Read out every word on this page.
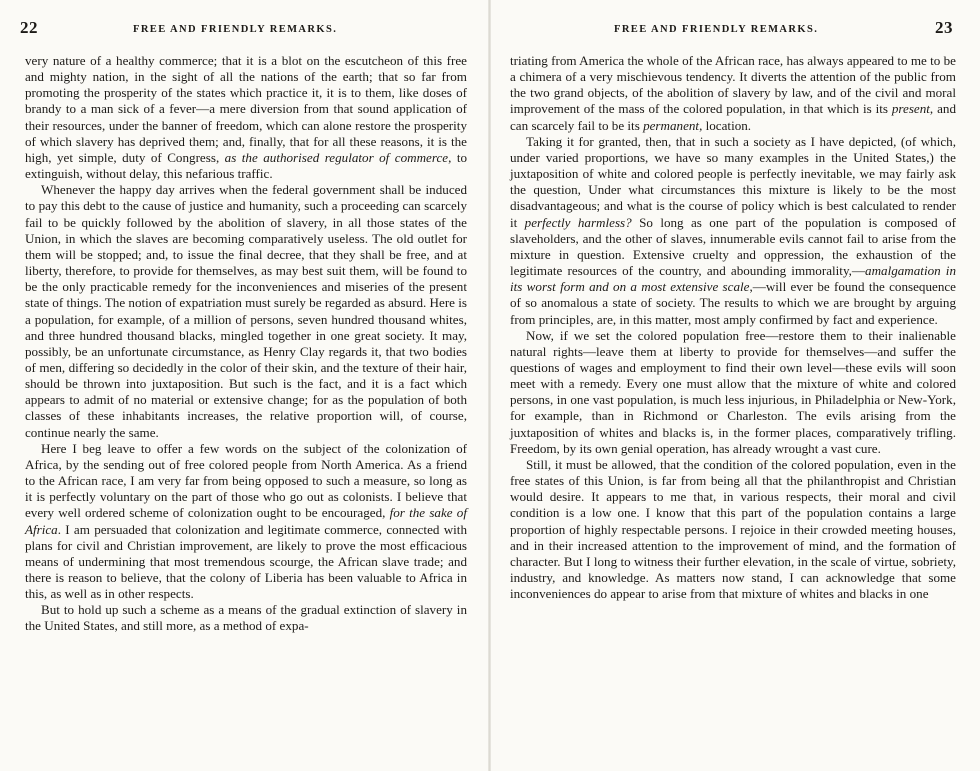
22	FREE AND FRIENDLY REMARKS.

very nature of a healthy commerce; that it is a blot on the escutcheon of this free and mighty nation, in the sight of all the nations of the earth; that so far from promoting the prosperity of the states which practice it, it is to them, like doses of brandy to a man sick of a fever—a mere diversion from that sound application of their resources, under the banner of freedom, which can alone restore the prosperity of which slavery has deprived them; and, finally, that for all these reasons, it is the high, yet simple, duty of Congress, as the authorised regulator of commerce, to extinguish, without delay, this nefarious traffic.

Whenever the happy day arrives when the federal government shall be induced to pay this debt to the cause of justice and humanity, such a proceeding can scarcely fail to be quickly followed by the abolition of slavery, in all those states of the Union, in which the slaves are becoming comparatively useless. The old outlet for them will be stopped; and, to issue the final decree, that they shall be free, and at liberty, therefore, to provide for themselves, as may best suit them, will be found to be the only practicable remedy for the inconveniences and miseries of the present state of things. The notion of expatriation must surely be regarded as absurd. Here is a population, for example, of a million of persons, seven hundred thousand whites, and three hundred thousand blacks, mingled together in one great society. It may, possibly, be an unfortunate circumstance, as Henry Clay regards it, that two bodies of men, differing so decidedly in the color of their skin, and the texture of their hair, should be thrown into juxtaposition. But such is the fact, and it is a fact which appears to admit of no material or extensive change; for as the population of both classes of these inhabitants increases, the relative proportion will, of course, continue nearly the same.

Here I beg leave to offer a few words on the subject of the colonization of Africa, by the sending out of free colored people from North America. As a friend to the African race, I am very far from being opposed to such a measure, so long as it is perfectly voluntary on the part of those who go out as colonists. I believe that every well ordered scheme of colonization ought to be encouraged, for the sake of Africa. I am persuaded that colonization and legitimate commerce, connected with plans for civil and Christian improvement, are likely to prove the most efficacious means of undermining that most tremendous scourge, the African slave trade; and there is reason to believe, that the colony of Liberia has been valuable to Africa in this, as well as in other respects.

But to hold up such a scheme as a means of the gradual extinction of slavery in the United States, and still more, as a method of expa-

23
FREE AND FRIENDLY REMARKS.

triating from America the whole of the African race, has always appeared to me to be a chimera of a very mischievous tendency. It diverts the attention of the public from the two grand objects, of the abolition of slavery by law, and of the civil and moral improvement of the mass of the colored population, in that which is its present, and can scarcely fail to be its permanent, location.

Taking it for granted, then, that in such a society as I have depicted, (of which, under varied proportions, we have so many examples in the United States,) the juxtaposition of white and colored people is perfectly inevitable, we may fairly ask the question, Under what circumstances this mixture is likely to be the most disadvantageous; and what is the course of policy which is best calculated to render it perfectly harmless? So long as one part of the population is composed of slaveholders, and the other of slaves, innumerable evils cannot fail to arise from the mixture in question. Extensive cruelty and oppression, the exhaustion of the legitimate resources of the country, and abounding immorality,—amalgamation in its worst form and on a most extensive scale,—will ever be found the consequence of so anomalous a state of society. The results to which we are brought by arguing from principles, are, in this matter, most amply confirmed by fact and experience.

Now, if we set the colored population free—restore them to their inalienable natural rights—leave them at liberty to provide for themselves—and suffer the questions of wages and employment to find their own level—these evils will soon meet with a remedy. Every one must allow that the mixture of white and colored persons, in one vast population, is much less injurious, in Philadelphia or New-York, for example, than in Richmond or Charleston. The evils arising from the juxtaposition of whites and blacks is, in the former places, comparatively trifling. Freedom, by its own genial operation, has already wrought a vast cure.

Still, it must be allowed, that the condition of the colored population, even in the free states of this Union, is far from being all that the philanthropist and Christian would desire. It appears to me that, in various respects, their moral and civil condition is a low one. I know that this part of the population contains a large proportion of highly respectable persons. I rejoice in their crowded meeting houses, and in their increased attention to the improvement of mind, and the formation of character. But I long to witness their further elevation, in the scale of virtue, sobriety, industry, and knowledge. As matters now stand, I can acknowledge that some inconveniences do appear to arise from that mixture of whites and blacks in one
